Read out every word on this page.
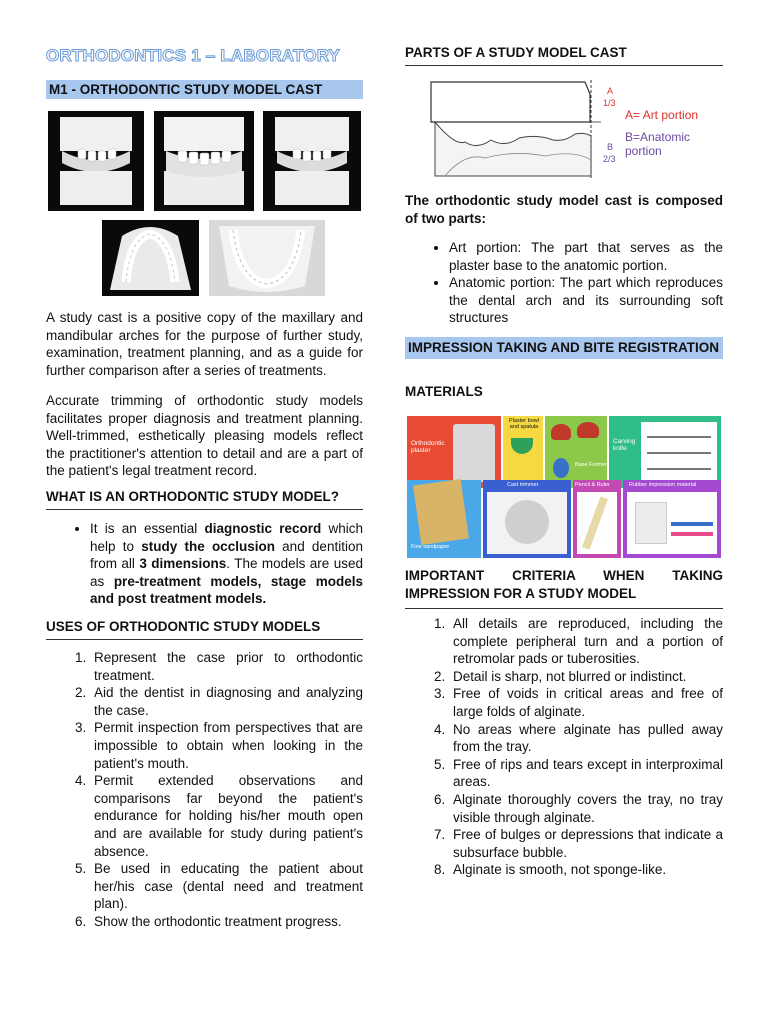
ORTHODONTICS 1 – LABORATORY
M1 - ORTHODONTIC STUDY MODEL CAST

A study cast is a positive copy of the maxillary and mandibular arches for the purpose of further study, examination, treatment planning, and as a guide for further comparison after a series of treatments.

Accurate trimming of orthodontic study models facilitates proper diagnosis and treatment planning. Well-trimmed, esthetically pleasing models reflect the practitioner's attention to detail and are a part of the patient's legal treatment record.

WHAT IS AN ORTHODONTIC STUDY MODEL?
• It is an essential diagnostic record which help to study the occlusion and dentition from all 3 dimensions. The models are used as pre-treatment models, stage models and post treatment models.
USES OF ORTHODONTIC STUDY MODELS
1. Represent the case prior to orthodontic treatment.
2. Aid the dentist in diagnosing and analyzing the case.
3. Permit inspection from perspectives that are impossible to obtain when looking in the patient's mouth.
4. Permit extended observations and comparisons far beyond the patient's endurance for holding his/her mouth open and are available for study during patient's absence.
5. Be used in educating the patient about her/his case (dental need and treatment plan).
6. Show the orthodontic treatment progress.
PARTS OF A STUDY MODEL CAST
A
1/3
B
2/3
A= Art portion
B=Anatomic portion

The orthodontic study model cast is composed of two parts:

• Art portion: The part that serves as the plaster base to the anatomic portion.
• Anatomic portion: The part which reproduces the dental arch and its surrounding soft structures
IMPRESSION TAKING AND BITE REGISTRATION
MATERIALS
Orthodontic plaster
Plaster bowl and spatula
Base Former
Carving knife
Fine sandpaper
Cast trimmer	Pencil & Ruler	Rubber impression material
IMPORTANT CRITERIA WHEN TAKING IMPRESSION FOR A STUDY MODEL
1. All details are reproduced, including the complete peripheral turn and a portion of retromolar pads or tuberosities.
2. Detail is sharp, not blurred or indistinct.
3. Free of voids in critical areas and free of large folds of alginate.
4. No areas where alginate has pulled away from the tray.
5. Free of rips and tears except in interproximal areas.
6. Alginate thoroughly covers the tray, no tray visible through alginate.
7. Free of bulges or depressions that indicate a subsurface bubble.
8. Alginate is smooth, not sponge-like.
